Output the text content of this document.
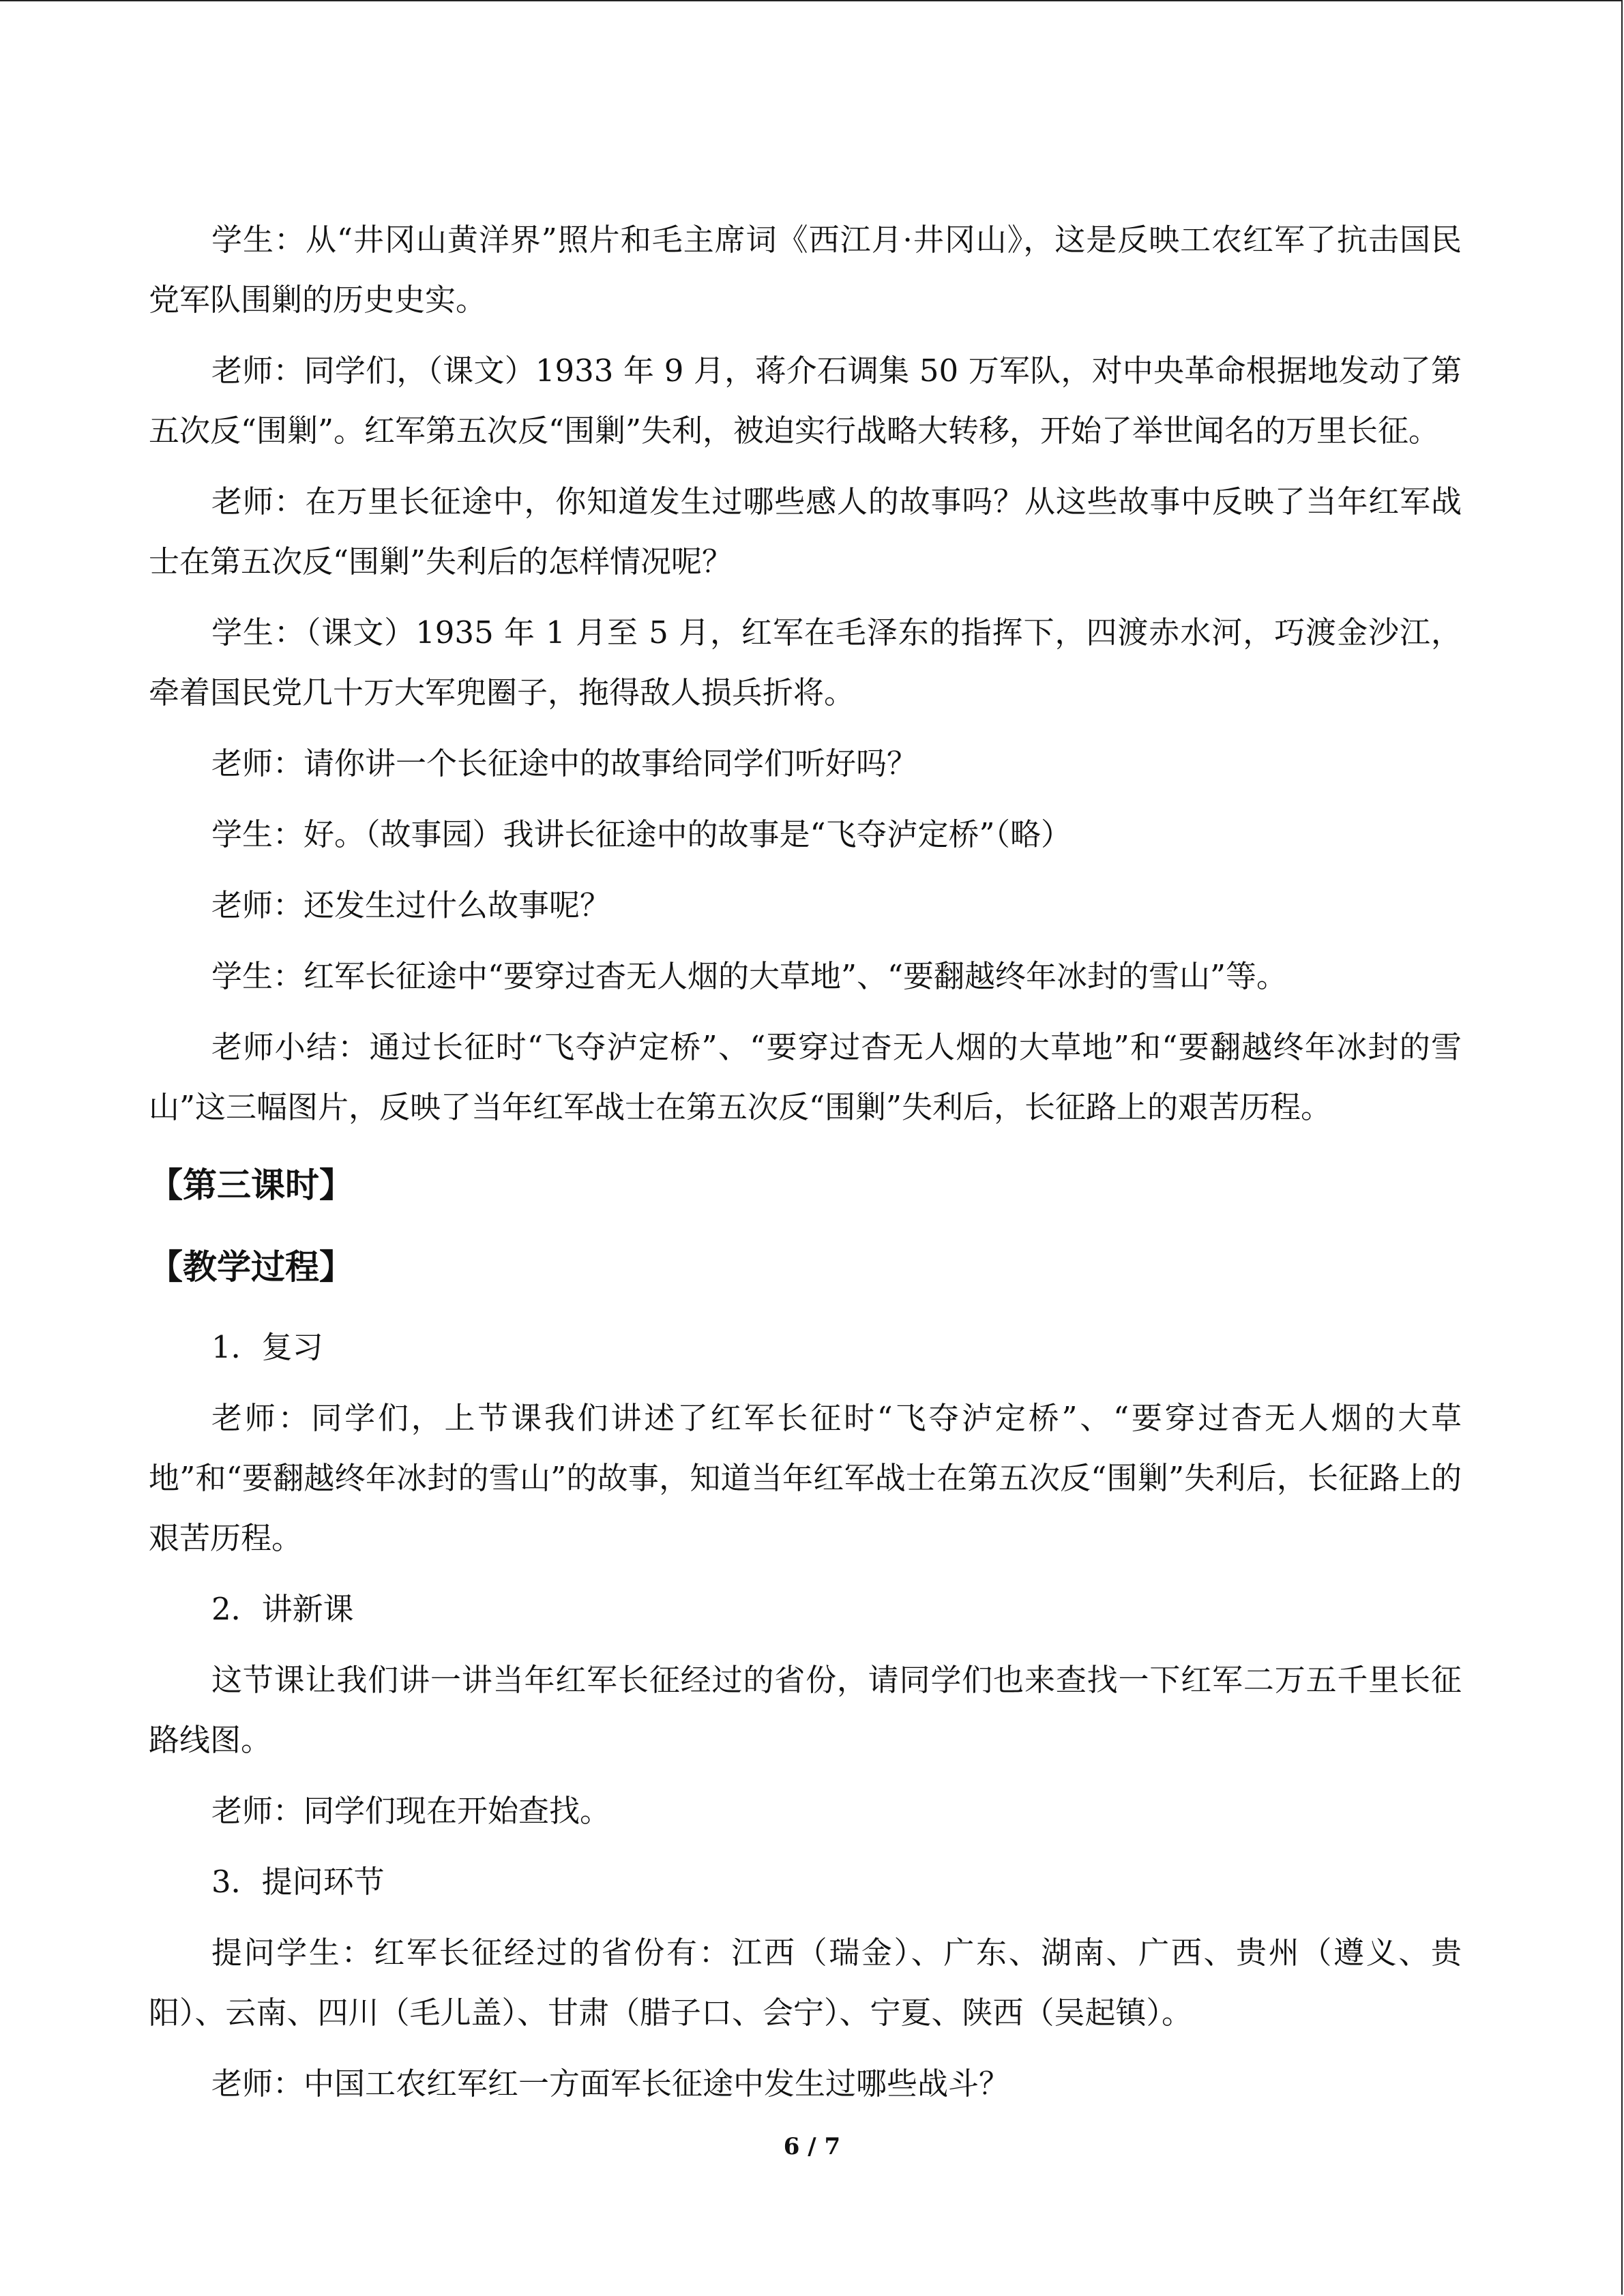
学生：从“井冈山黄洋界”照片和毛主席词《西江月·井冈山》，这是反映工农红军了抗击国民党军队围剿的历史史实。

老师：同学们，（课文）1933 年 9 月，蒋介石调集 50 万军队，对中央革命根据地发动了第五次反“围剿”。红军第五次反“围剿”失利，被迫实行战略大转移，开始了举世闻名的万里长征。

老师：在万里长征途中，你知道发生过哪些感人的故事吗？从这些故事中反映了当年红军战士在第五次反“围剿”失利后的怎样情况呢？

学生：（课文）1935 年 1 月至 5 月，红军在毛泽东的指挥下，四渡赤水河，巧渡金沙江，牵着国民党几十万大军兜圈子，拖得敌人损兵折将。

老师：请你讲一个长征途中的故事给同学们听好吗？

学生：好。（故事园）我讲长征途中的故事是“飞夺泸定桥”（略）

老师：还发生过什么故事呢？

学生：红军长征途中“要穿过杳无人烟的大草地”、“要翻越终年冰封的雪山”等。

老师小结：通过长征时“飞夺泸定桥”、“要穿过杳无人烟的大草地”和“要翻越终年冰封的雪山”这三幅图片，反映了当年红军战士在第五次反“围剿”失利后，长征路上的艰苦历程。

【第三课时】
【教学过程】

1．复习

老师：同学们，上节课我们讲述了红军长征时“飞夺泸定桥”、“要穿过杳无人烟的大草地”和“要翻越终年冰封的雪山”的故事，知道当年红军战士在第五次反“围剿”失利后，长征路上的艰苦历程。

2．讲新课

这节课让我们讲一讲当年红军长征经过的省份，请同学们也来查找一下红军二万五千里长征路线图。

老师：同学们现在开始查找。

3．提问环节

提问学生：红军长征经过的省份有：江西（瑞金）、广东、湖南、广西、贵州（遵义、贵阳）、云南、四川（毛儿盖）、甘肃（腊子口、会宁）、宁夏、陕西（吴起镇）。

老师：中国工农红军红一方面军长征途中发生过哪些战斗？

6 / 7
